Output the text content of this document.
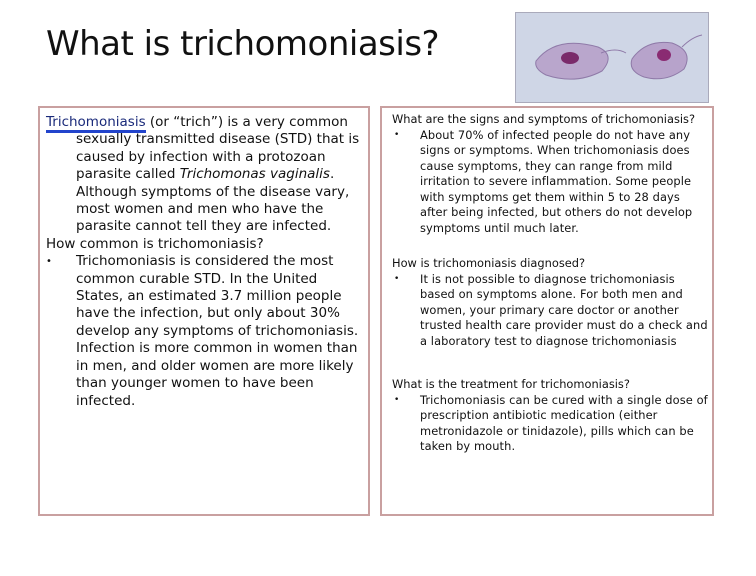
What is trichomoniasis?

Trichomoniasis (or “trich”) is a very common sexually transmitted disease (STD) that is caused by infection with a protozoan parasite called Trichomonas vaginalis. Although symptoms of the disease vary, most women and men who have the parasite cannot tell they are infected.

How common is trichomoniasis?

•	Trichomoniasis is considered the most common curable STD. In the United States, an estimated 3.7 million people have the infection, but only about 30% develop any symptoms of trichomoniasis. Infection is more common in women than in men, and older women are more likely than younger women to have been infected.

What are the signs and symptoms of trichomoniasis?

• About 70% of infected people do not have any signs or symptoms. When trichomoniasis does cause symptoms, they can range from mild irritation to severe inflammation. Some people with symptoms get them within 5 to 28 days after being infected, but others do not develop symptoms until much later.

How is trichomoniasis diagnosed?

• It is not possible to diagnose trichomoniasis based on symptoms alone. For both men and women, your primary care doctor or another trusted health care provider must do a check and a laboratory test to diagnose trichomoniasis

What is the treatment for trichomoniasis?

• Trichomoniasis can be cured with a single dose of prescription antibiotic medication (either metronidazole or tinidazole), pills which can be taken by mouth.
